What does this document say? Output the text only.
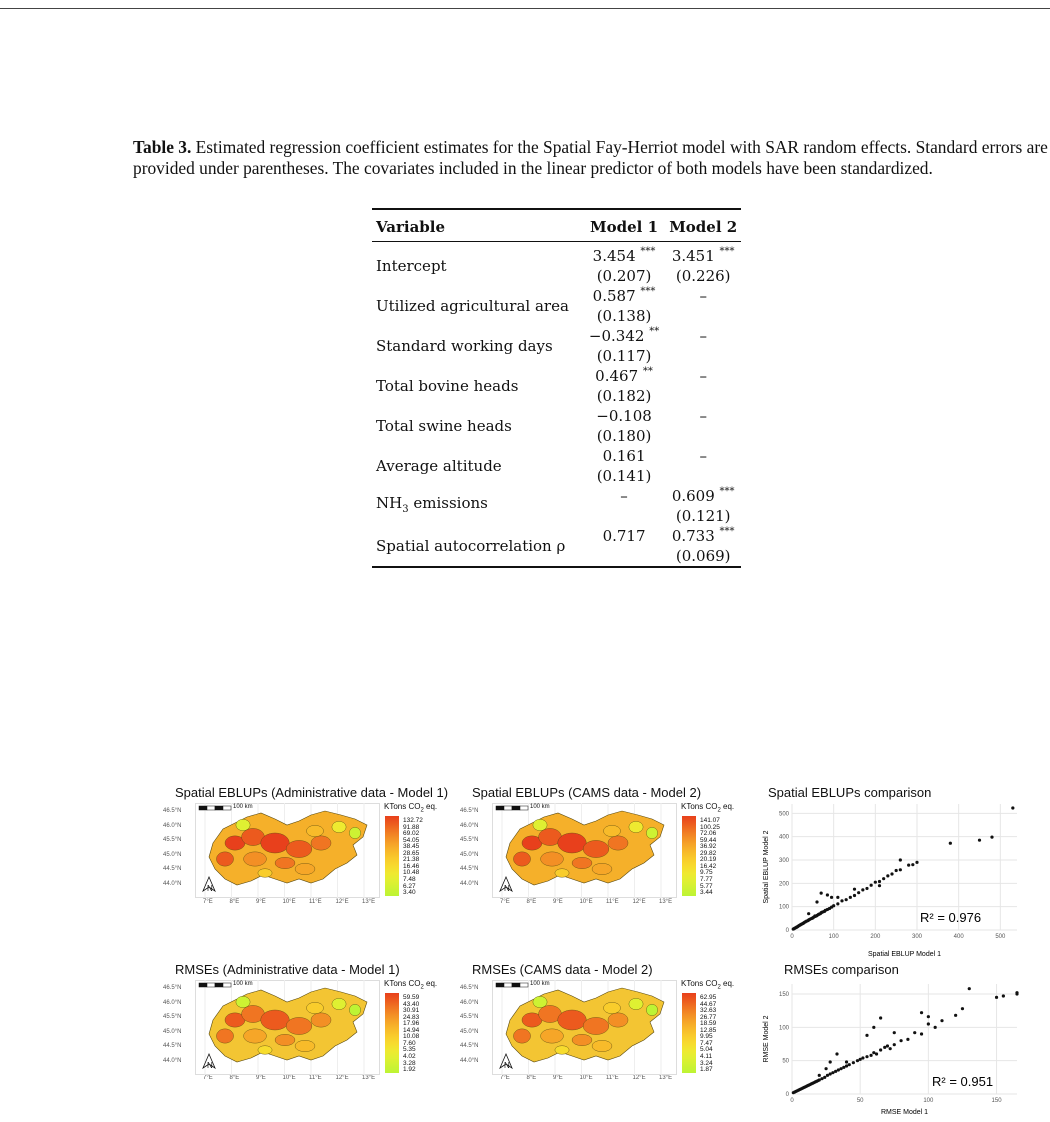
Table 3. Estimated regression coefficient estimates for the Spatial Fay-Herriot model with SAR random effects. Standard errors are provided under parentheses. The covariates included in the linear predictor of both models have been standardized.
Variable	Model 1	Model 2
Intercept	3.454 ***	3.451 ***
	(0.207)	(0.226)
Utilized agricultural area	0.587 ***	–
	(0.138)	
Standard working days	−0.342 **	–
	(0.117)	
Total bovine heads	0.467 **	–
	(0.182)	
Total swine heads	−0.108	–
	(0.180)	
Average altitude	0.161	–
	(0.141)	
$NH_3$ emissions	–	0.609 ***
		(0.121)
Spatial autocorrelation ρ	0.717	0.733 ***
		(0.069)
Spatial EBLUPs (Administrative data - Model 1)
46.5°N
46.0°N
45.5°N
45.0°N
44.5°N
44.0°N
7°E	8°E	9°E	10°E 11°E 12°E 13°E
100 km
N
KTons $CO_2$ eq.
132.72
91.88
69.02
54.05
38.45
28.65
21.38
16.46
10.48
7.48
6.27
3.40
Spatial EBLUPs (CAMS data - Model 2)
46.5°N
46.0°N
45.5°N
45.0°N
44.5°N
44.0°N
7°E	8°E	9°E	10°E 11°E 12°E 13°E
100 km
N
KTons $CO_2$ eq.
141.07
100.25
72.06
59.44
36.92
29.82
20.19
16.42
9.75
7.77
5.77
3.44
RMSEs (Administrative data - Model 1)
46.5°N
46.0°N
45.5°N
45.0°N
44.5°N
44.0°N
7°E	8°E	9°E	10°E 11°E 12°E 13°E
100 km
N
KTons $CO_2$ eq.
59.59
43.40
30.91
24.83
17.96
14.94
10.08
7.60
5.35
4.02
3.28
1.92
RMSEs (CAMS data - Model 2)
46.5°N
46.0°N
45.5°N
45.0°N
44.5°N
44.0°N
7°E	8°E	9°E	10°E 11°E 12°E 13°E
100 km
N
KTons $CO_2$ eq.
62.95
44.67
32.63
26.77
18.59
12.85
9.95
7.47
5.04
4.11
3.24
1.87
Spatial EBLUPs comparison
0	100	200	300	400	500
0
100
200
300
400
500
Spatial EBLUP Model 1
Spatial EBLUP Model 2
R² = 0.976
RMSEs comparison
0	50	100	150
0
50
100
150
RMSE Model 1
RMSE Model 2
R² = 0.951
